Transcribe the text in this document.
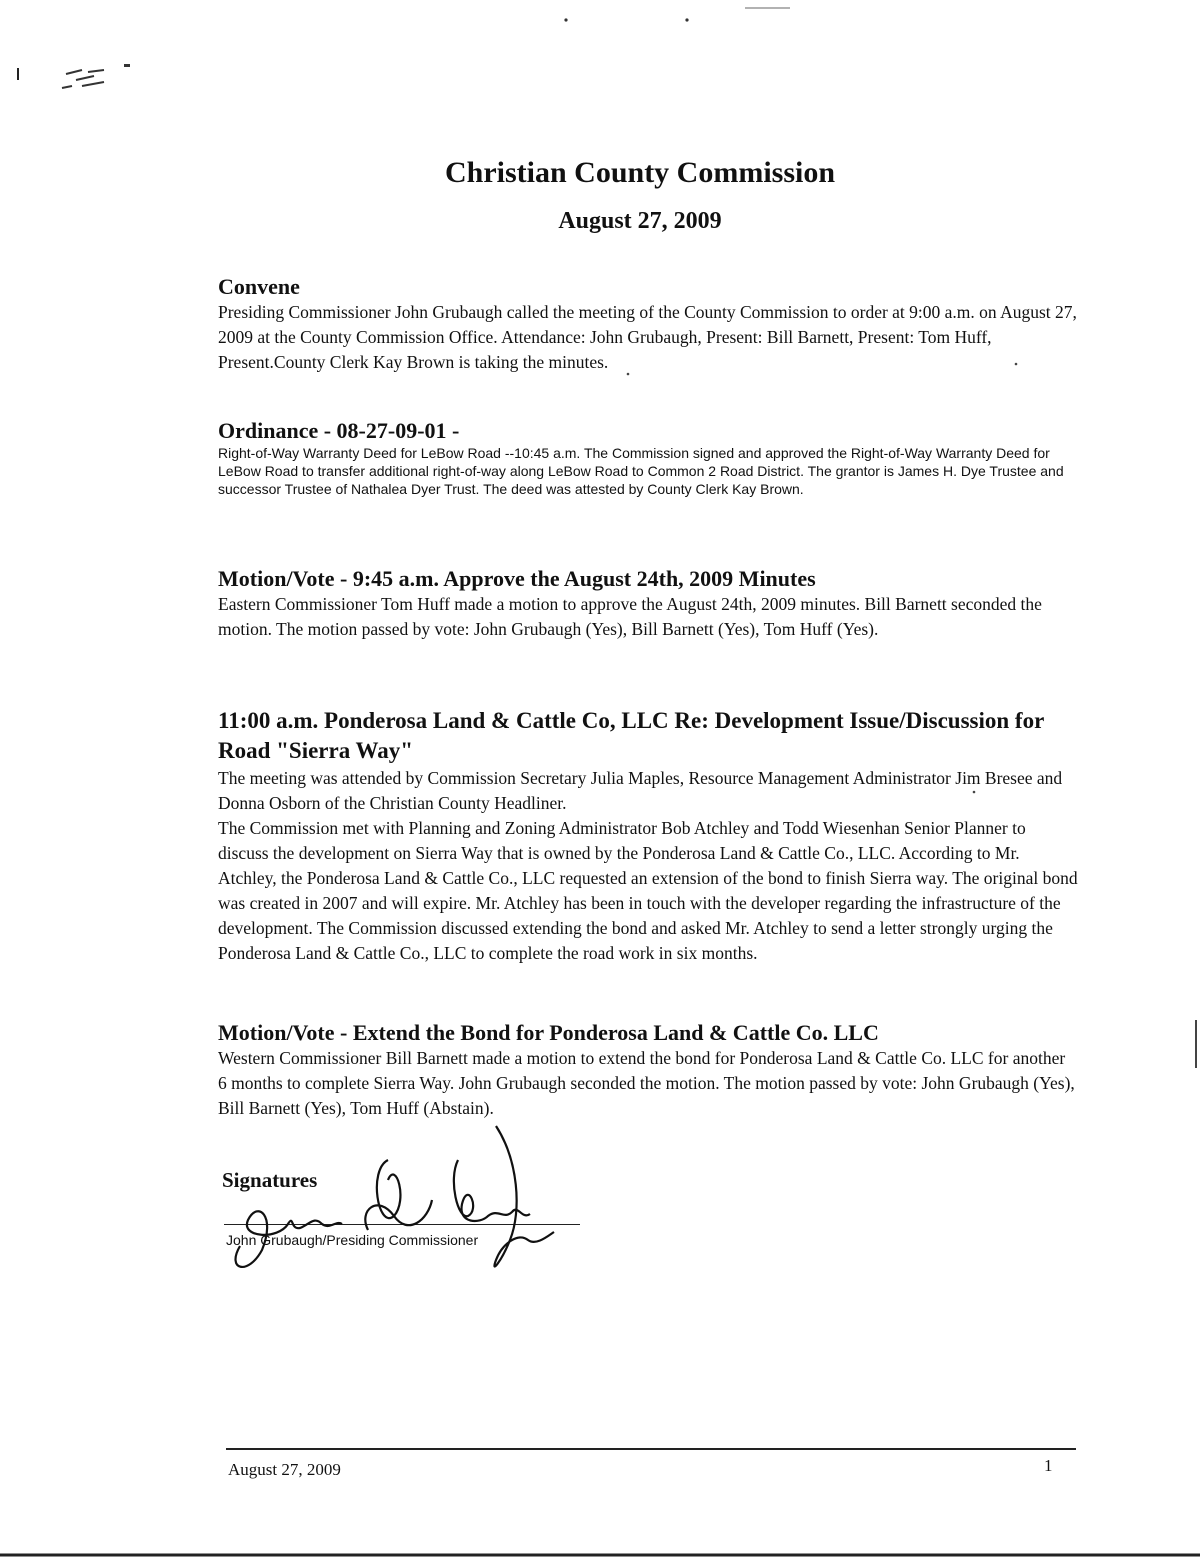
Christian County Commission
August 27, 2009
Convene

Presiding Commissioner John Grubaugh called the meeting of the County Commission to order at 9:00 a.m. on August 27, 2009 at the County Commission Office. Attendance: John Grubaugh, Present: Bill Barnett, Present: Tom Huff, Present.County Clerk Kay Brown is taking the minutes.

Ordinance - 08-27-09-01 -

Right-of-Way Warranty Deed for LeBow Road --10:45 a.m. The Commission signed and approved the Right-of-Way Warranty Deed for LeBow Road to transfer additional right-of-way along LeBow Road to Common 2 Road District. The grantor is James H. Dye Trustee and successor Trustee of Nathalea Dyer Trust. The deed was attested by County Clerk Kay Brown.

Motion/Vote - 9:45 a.m. Approve the August 24th, 2009 Minutes

Eastern Commissioner Tom Huff made a motion to approve the August 24th, 2009 minutes. Bill Barnett seconded the motion. The motion passed by vote: John Grubaugh (Yes), Bill Barnett (Yes), Tom Huff (Yes).

11:00 a.m. Ponderosa Land & Cattle Co, LLC Re: Development Issue/Discussion for Road "Sierra Way"

The meeting was attended by Commission Secretary Julia Maples, Resource Management Administrator Jim Bresee and Donna Osborn of the Christian County Headliner.

The Commission met with Planning and Zoning Administrator Bob Atchley and Todd Wiesenhan Senior Planner to discuss the development on Sierra Way that is owned by the Ponderosa Land & Cattle Co., LLC. According to Mr. Atchley, the Ponderosa Land & Cattle Co., LLC requested an extension of the bond to finish Sierra way. The original bond was created in 2007 and will expire. Mr. Atchley has been in touch with the developer regarding the infrastructure of the development. The Commission discussed extending the bond and asked Mr. Atchley to send a letter strongly urging the Ponderosa Land & Cattle Co., LLC to complete the road work in six months.

Motion/Vote - Extend the Bond for Ponderosa Land & Cattle Co. LLC

Western Commissioner Bill Barnett made a motion to extend the bond for Ponderosa Land & Cattle Co. LLC for another 6 months to complete Sierra Way. John Grubaugh seconded the motion. The motion passed by vote: John Grubaugh (Yes), Bill Barnett (Yes), Tom Huff (Abstain).

Signatures
John Grubaugh/Presiding Commissioner
August 27, 2009	1
